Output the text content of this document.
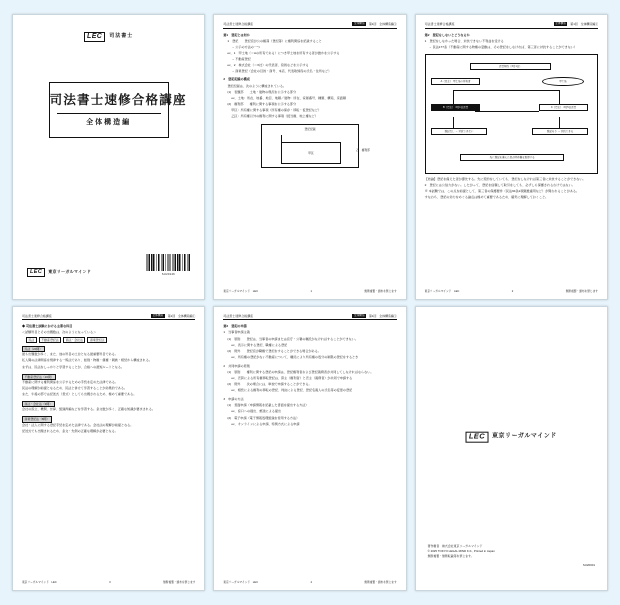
LEC	司法書士
司法書士速修合格講座
全体構造編
LEC	東京リーガルマインド
SU20146
司法書士速修合格講座	全体構造	第1回　全体構造編①
第1　登記とは何か

1　登記　　登記官が公の帳簿（登記簿）に権利関係を記録すること

→ 公示の方法の一つ

ex．1　甲土地（＝Aの所有である）につき甲土地を所有する者が誰かを公示する

→ 不動産登記

ex．2　株式会社（＝X社）の代表者、役員などを公示する

→ 商業登記（会社の目的・商号、本店、代表取締役の氏名・住所など）

2　登記記録の構成

登記記録は、次のように構成されている。

(1)　表題部　　土地・建物の現況を公示する部分

ex．土地：所在、地番、地目、地積／建物：所在、家屋番号、種類、構造、床面積

(2)　権利部　　権利に関する事項を公示する部分

甲区：所有権に関する事項（所有権の保存・移転・仮登記など）

乙区：所有権以外の権利に関する事項（抵当権、地上権など）

登記記録
甲区
乙　権利部
東京リーガルマインド　LEC	1	無断複製・頒布を禁じます
司法書士速修合格講座	全体構造	第1回　全体構造編①
第2　登記をしないとどうなるか

1　登記をしなかった場合、対抗できない不利益を受ける

→ 民法177条（不動産に関する物権の変動は、その登記をしなければ、第三者に対抗することができない）

売買契約（3月1日）
A（売主） 甲土地の所有者
B（買主） 3月1日売買	C（買主） 3月5日売買
甲土地
登記あり → 対抗できる
登記なし → 対抗できない
先に登記を備えた者が所有権を取得する

【結論】登記を備えた者が優先する。先に契約をしていても、登記をしなければ第三者に対抗することができない。

2　登記には公信力がない。したがって、登記を信頼して取引をしても、必ずしも保護されるわけではない。

※ 本試験では、この点を前提として、第三者の保護要件（民法94条2項類推適用など）が問われることがある。

すなわち、登記の効力をめぐる論点は極めて重要であるため、確実に理解しておくこと。

東京リーガルマインド　LEC	2	無断複製・頒布を禁じます
司法書士速修合格講座	全体構造	第1回　全体構造編①
◆ 司法書士試験における主要な科目

＜試験科目とその出題数は、次のようになっている＞

民法	不動産登記法	商法・会社法	商業登記法
民法（20問）

最も出題数が多く、また、他の科目の土台となる最重要科目である。

私人間の法律関係を規律する一般法であり、総則・物権・債権・親族・相続から構成される。

まずは、民法をしっかりと学習することが、合格への最短ルートとなる。

不動産登記法（16問）

不動産に関する権利関係を公示するための手続を定めた法律である。

民法の理解が前提となるため、民法と併せて学習することが効果的である。

また、午後の部では記述式（書式）としても出題されるため、極めて重要である。

商法・会社法（9問）

会社の設立、機関、計算、組織再編などを学習する。条文数が多く、正確な知識が要求される。

商業登記法（8問）

会社・法人に関する登記手続を定めた法律である。会社法の理解が前提となる。

記述式でも出題されるため、条文・先例の正確な理解が必要となる。

東京リーガルマインド　LEC	3	無断複製・頒布を禁じます
司法書士速修合格講座	全体構造	第1回　全体構造編①
第3　登記の申請

1　当事者申請主義

(1)　原則　　登記は、当事者の申請または官庁・公署の嘱託がなければすることができない。

ex．表示に関する登記、職権による登記

(2)　例外　　登記官が職権で登記をすることができる場合がある。

ex．所有権の登記がない不動産について、嘱託により所有権の処分の制限の登記をするとき

2　共同申請の原則

(1)　原則　　権利に関する登記の申請は、登記権利者および登記義務者が共同してしなければならない。

ex．売買による所有権移転登記は、買主（権利者）と売主（義務者）が共同で申請する

(2)　例外　　次の場合には、単独で申請することができる。

ex．相続による権利の移転の登記、判決による登記、登記名義人の氏名等の変更の登記

3　申請の方法

(1)　書面申請（申請情報を記載した書面を提出する方法）

ex．窓口への提出、郵送による提出

(2)　電子申請（電子情報処理組織を使用する方法）

ex．オンラインによる申請、特例方式による申請

東京リーガルマインド　LEC	4	無断複製・頒布を禁じます
LEC	東京リーガルマインド
著作権者　株式会社東京リーガルマインド
© 2025 TOKYO LEGAL MIND K.K., Printed in Japan
無断複製・無断転載等を禁じます。
SU20001
